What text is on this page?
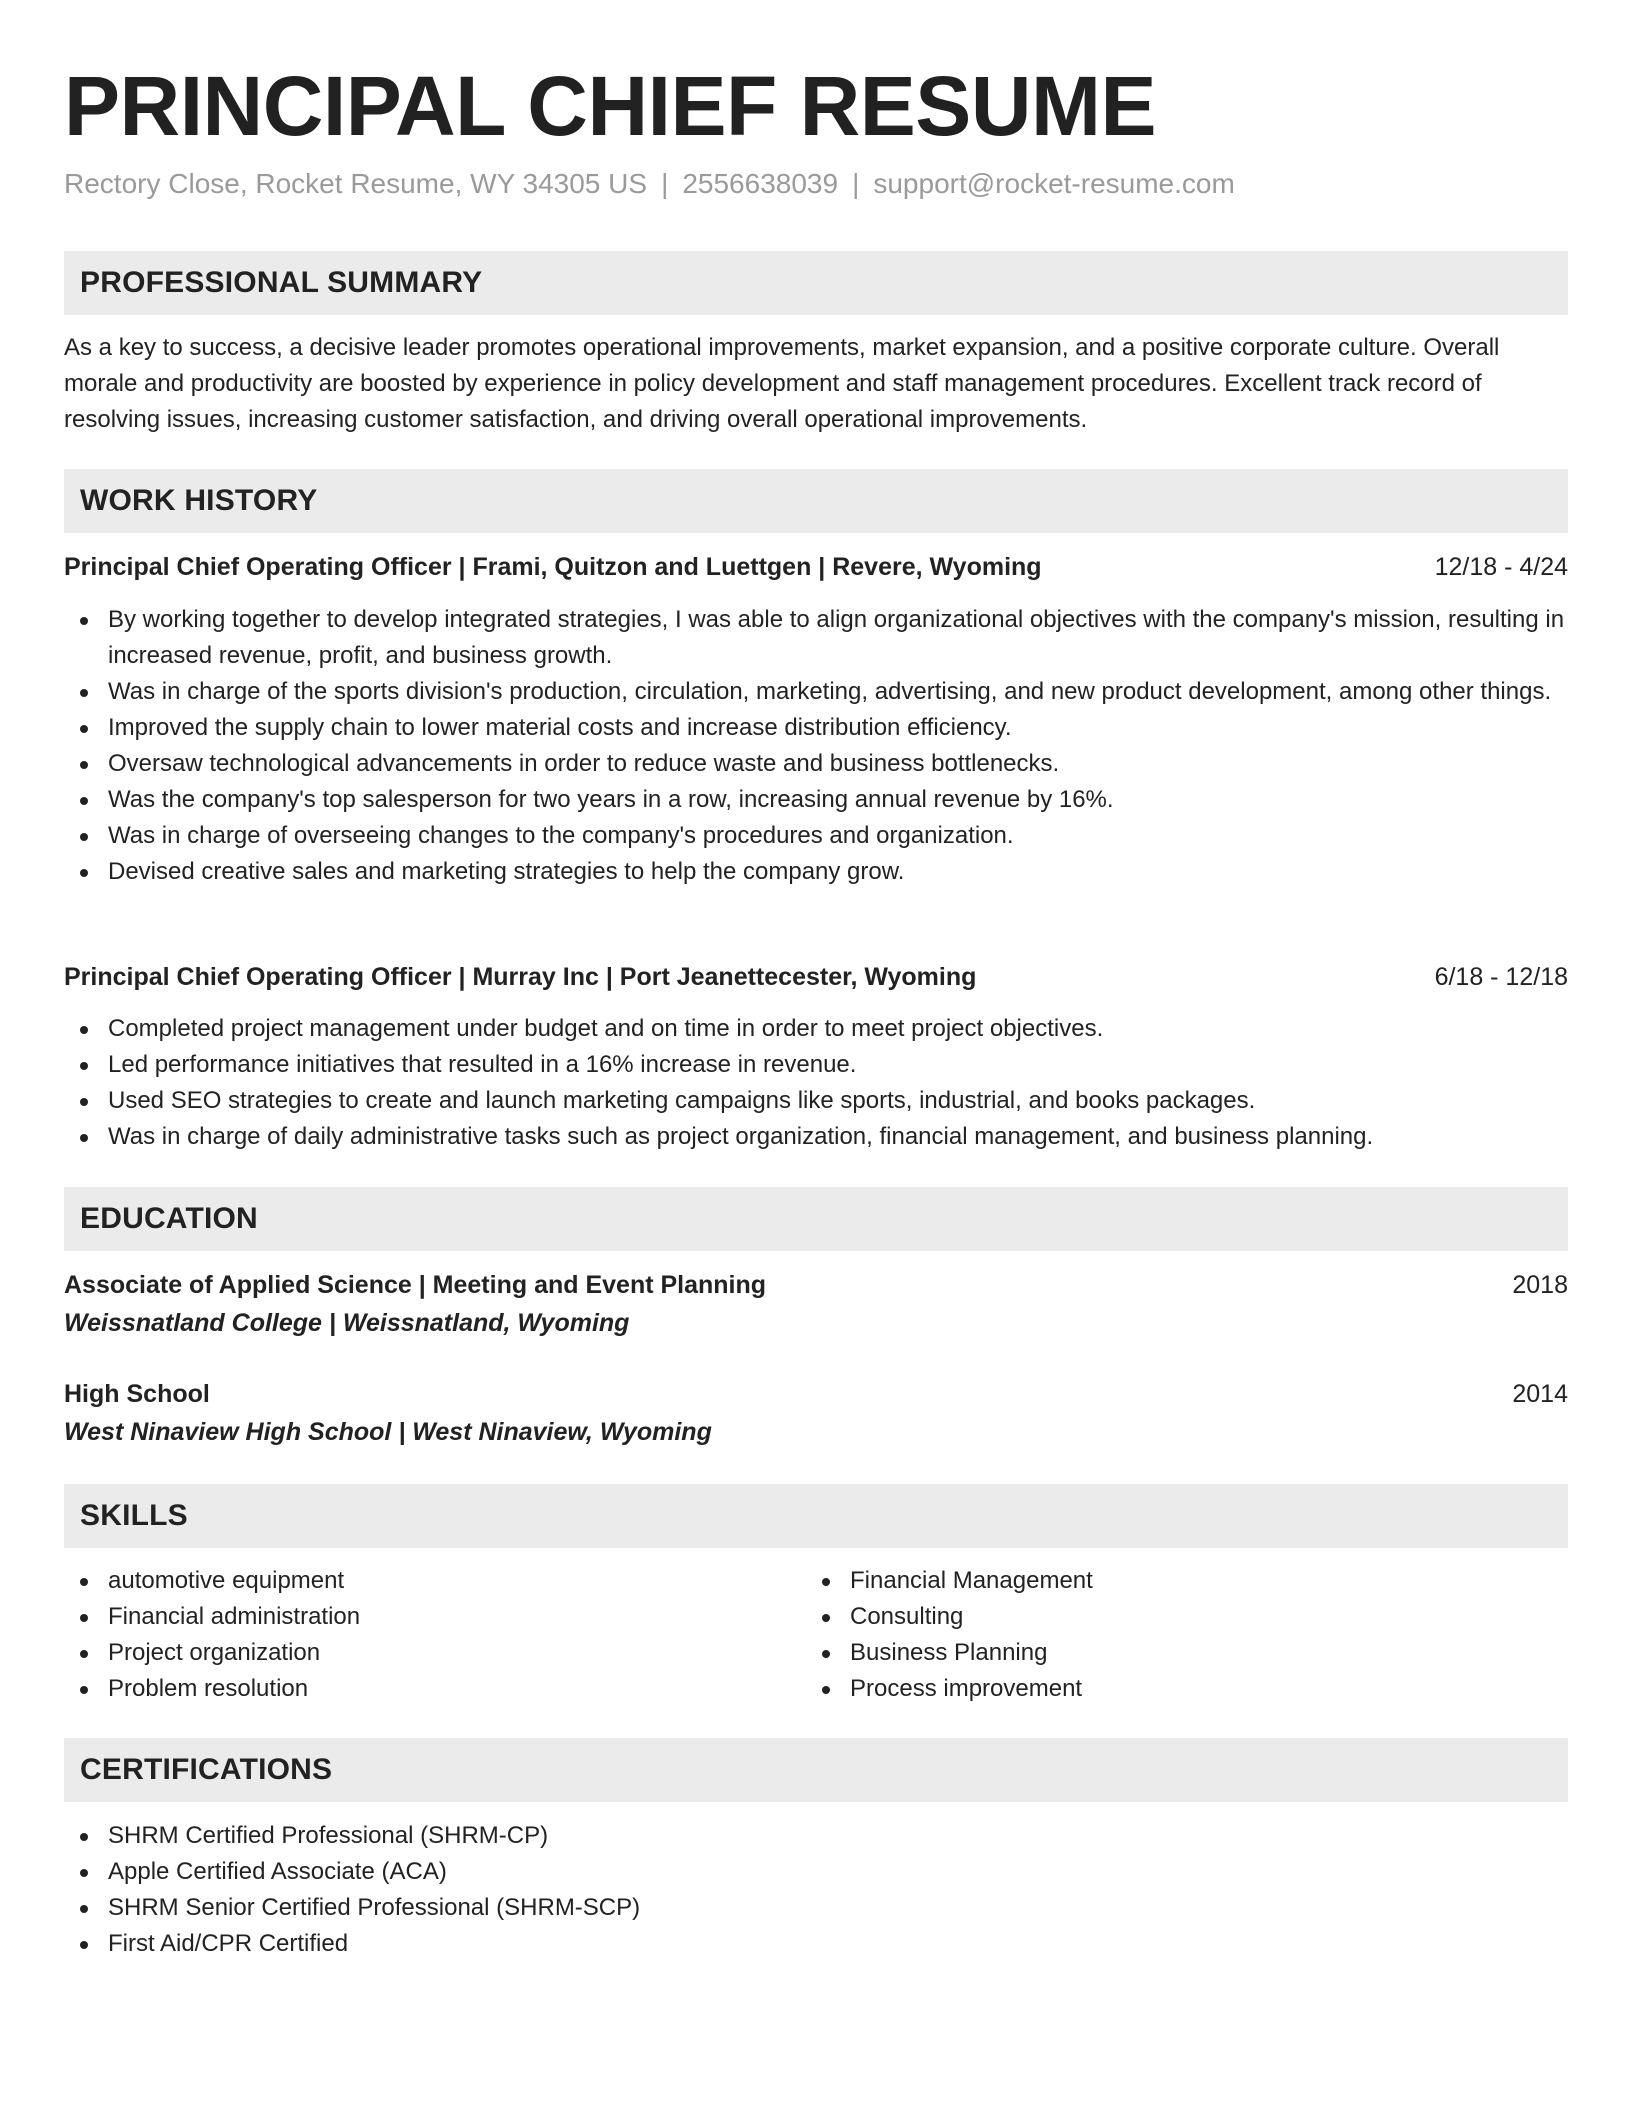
PRINCIPAL CHIEF RESUME
Rectory Close, Rocket Resume, WY 34305 US | 2556638039 | support@rocket-resume.com
PROFESSIONAL SUMMARY
As a key to success, a decisive leader promotes operational improvements, market expansion, and a positive corporate culture. Overall morale and productivity are boosted by experience in policy development and staff management procedures. Excellent track record of resolving issues, increasing customer satisfaction, and driving overall operational improvements.
WORK HISTORY
Principal Chief Operating Officer | Frami, Quitzon and Luettgen | Revere, Wyoming	12/18 - 4/24
By working together to develop integrated strategies, I was able to align organizational objectives with the company's mission, resulting in increased revenue, profit, and business growth.
Was in charge of the sports division's production, circulation, marketing, advertising, and new product development, among other things.
Improved the supply chain to lower material costs and increase distribution efficiency.
Oversaw technological advancements in order to reduce waste and business bottlenecks.
Was the company's top salesperson for two years in a row, increasing annual revenue by 16%.
Was in charge of overseeing changes to the company's procedures and organization.
Devised creative sales and marketing strategies to help the company grow.
Principal Chief Operating Officer | Murray Inc | Port Jeanettecester, Wyoming	6/18 - 12/18
Completed project management under budget and on time in order to meet project objectives.
Led performance initiatives that resulted in a 16% increase in revenue.
Used SEO strategies to create and launch marketing campaigns like sports, industrial, and books packages.
Was in charge of daily administrative tasks such as project organization, financial management, and business planning.
EDUCATION
Associate of Applied Science | Meeting and Event Planning	2018
Weissnatland College | Weissnatland, Wyoming
High School	2014
West Ninaview High School | West Ninaview, Wyoming
SKILLS
automotive equipment
Financial administration
Project organization
Problem resolution
Financial Management
Consulting
Business Planning
Process improvement
CERTIFICATIONS
SHRM Certified Professional (SHRM-CP)
Apple Certified Associate (ACA)
SHRM Senior Certified Professional (SHRM-SCP)
First Aid/CPR Certified
